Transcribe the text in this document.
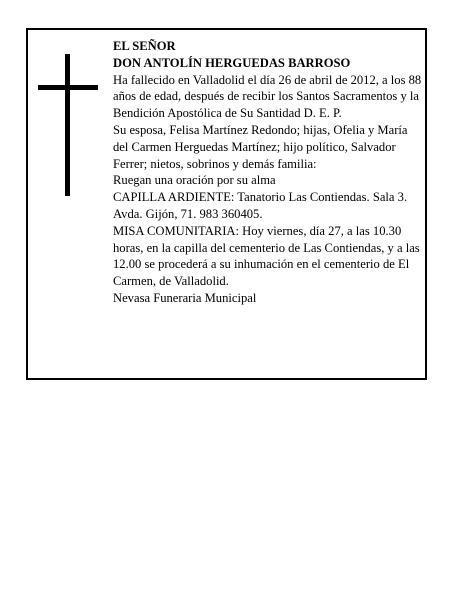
EL SEÑOR

DON ANTOLÍN HERGUEDAS BARROSO

Ha fallecido en Valladolid el día 26 de abril de 2012, a los 88 años de edad, después de recibir los Santos Sacramentos y la Bendición Apostólica de Su Santidad D. E. P.

Su esposa, Felisa Martínez Redondo; hijas, Ofelia y María del Carmen Herguedas Martínez; hijo político, Salvador Ferrer; nietos, sobrinos y demás familia:

Ruegan una oración por su alma

CAPILLA ARDIENTE: Tanatorio Las Contiendas. Sala 3. Avda. Gijón, 71. 983 360405.

MISA COMUNITARIA: Hoy viernes, día 27, a las 10.30 horas, en la capilla del cementerio de Las Contiendas, y a las 12.00 se procederá a su inhumación en el cementerio de El Carmen, de Valladolid.

Nevasa Funeraria Municipal
